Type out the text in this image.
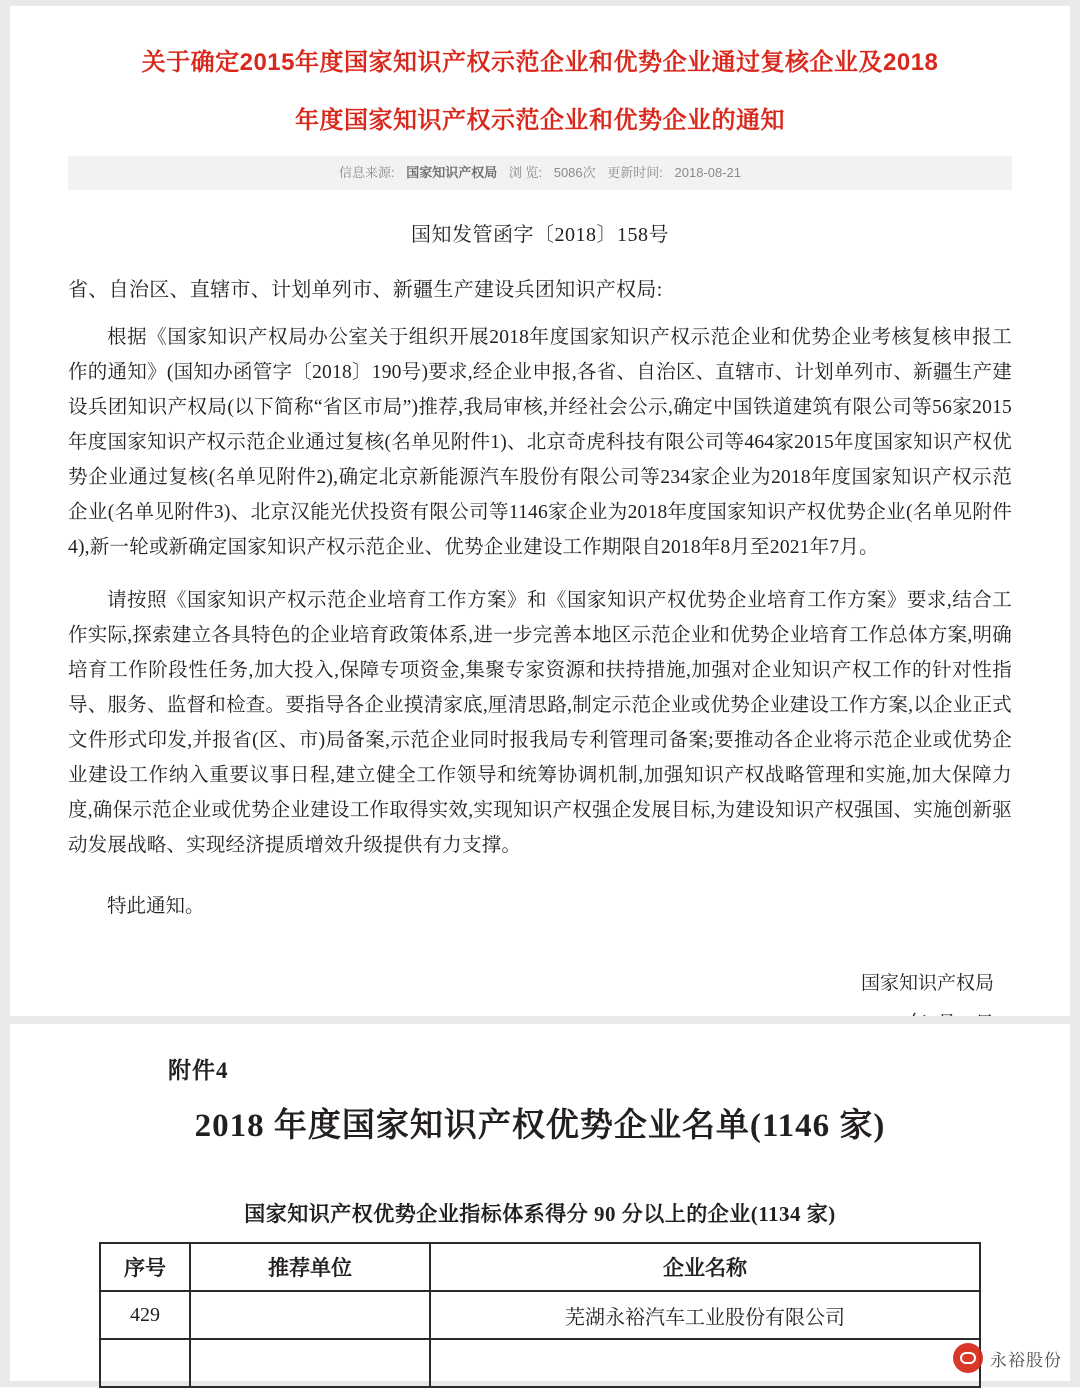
关于确定2015年度国家知识产权示范企业和优势企业通过复核企业及2018
年度国家知识产权示范企业和优势企业的通知
信息来源: 国家知识产权局 浏 览: 5086次 更新时间: 2018-08-21
国知发管函字〔2018〕158号
省、自治区、直辖市、计划单列市、新疆生产建设兵团知识产权局:
根据《国家知识产权局办公室关于组织开展2018年度国家知识产权示范企业和优势企业考核复核申报工作的通知》(国知办函管字〔2018〕190号)要求,经企业申报,各省、自治区、直辖市、计划单列市、新疆生产建设兵团知识产权局(以下简称“省区市局”)推荐,我局审核,并经社会公示,确定中国铁道建筑有限公司等56家2015年度国家知识产权示范企业通过复核(名单见附件1)、北京奇虎科技有限公司等464家2015年度国家知识产权优势企业通过复核(名单见附件2),确定北京新能源汽车股份有限公司等234家企业为2018年度国家知识产权示范企业(名单见附件3)、北京汉能光伏投资有限公司等1146家企业为2018年度国家知识产权优势企业(名单见附件4),新一轮或新确定国家知识产权示范企业、优势企业建设工作期限自2018年8月至2021年7月。
请按照《国家知识产权示范企业培育工作方案》和《国家知识产权优势企业培育工作方案》要求,结合工作实际,探索建立各具特色的企业培育政策体系,进一步完善本地区示范企业和优势企业培育工作总体方案,明确培育工作阶段性任务,加大投入,保障专项资金,集聚专家资源和扶持措施,加强对企业知识产权工作的针对性指导、服务、监督和检查。要指导各企业摸清家底,厘清思路,制定示范企业或优势企业建设工作方案,以企业正式文件形式印发,并报省(区、市)局备案,示范企业同时报我局专利管理司备案;要推动各企业将示范企业或优势企业建设工作纳入重要议事日程,建立健全工作领导和统筹协调机制,加强知识产权战略管理和实施,加大保障力度,确保示范企业或优势企业建设工作取得实效,实现知识产权强企发展目标,为建设知识产权强国、实施创新驱动发展战略、实现经济提质增效升级提供有力支撑。
特此通知。
国家知识产权局
附件4
2018 年度国家知识产权优势企业名单(1146 家)
国家知识产权优势企业指标体系得分 90 分以上的企业(1134 家)
序号	推荐单位	企业名称
429		芜湖永裕汽车工业股份有限公司

永裕股份
